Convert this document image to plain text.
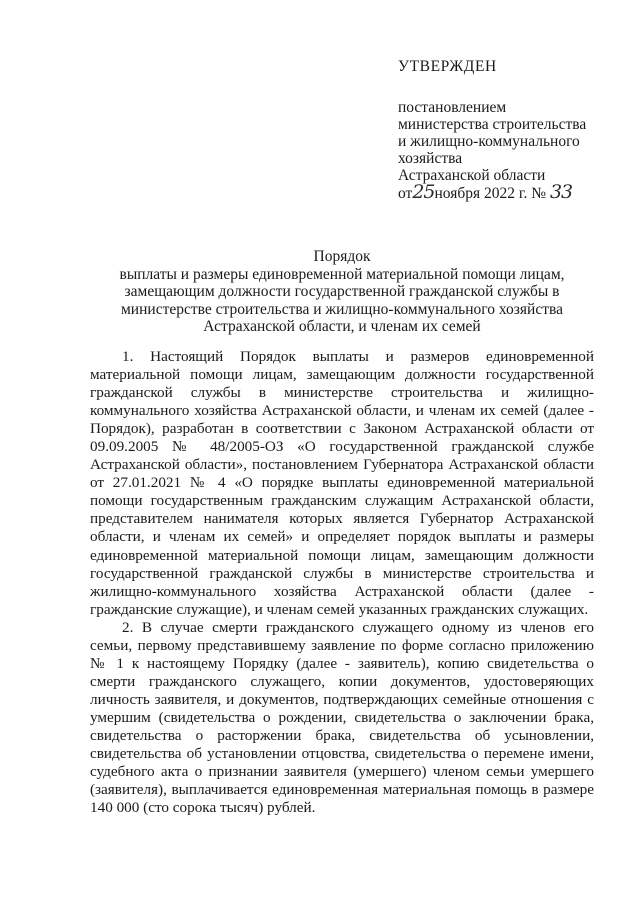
УТВЕРЖДЕН

постановлением
министерства строительства
и жилищно-коммунального
хозяйства
Астраханской области
от25ноября 2022 г. № 33

Порядок

выплаты и размеры единовременной материальной помощи лицам,

замещающим должности государственной гражданской службы в

министерстве строительства и жилищно-коммунального хозяйства

Астраханской области, и членам их семей

1. Настоящий Порядок выплаты и размеров единовременной материальной помощи лицам, замещающим должности государственной гражданской службы в министерстве строительства и жилищно-коммунального хозяйства Астраханской области, и членам их семей (далее - Порядок), разработан в соответствии с Законом Астраханской области от 09.09.2005 № 48/2005-ОЗ «О государственной гражданской службе Астраханской области», постановлением Губернатора Астраханской области от 27.01.2021 № 4 «О порядке выплаты единовременной материальной помощи государственным гражданским служащим Астраханской области, представителем нанимателя которых является Губернатор Астраханской области, и членам их семей» и определяет порядок выплаты и размеры единовременной материальной помощи лицам, замещающим должности государственной гражданской службы в министерстве строительства и жилищно-коммунального хозяйства Астраханской области (далее - гражданские служащие), и членам семей указанных гражданских служащих.

2. В случае смерти гражданского служащего одному из членов его семьи, первому представившему заявление по форме согласно приложению № 1 к настоящему Порядку (далее - заявитель), копию свидетельства о смерти гражданского служащего, копии документов, удостоверяющих личность заявителя, и документов, подтверждающих семейные отношения с умершим (свидетельства о рождении, свидетельства о заключении брака, свидетельства о расторжении брака, свидетельства об усыновлении, свидетельства об установлении отцовства, свидетельства о перемене имени, судебного акта о признании заявителя (умершего) членом семьи умершего (заявителя), выплачивается единовременная материальная помощь в размере 140 000 (сто сорока тысяч) рублей.
